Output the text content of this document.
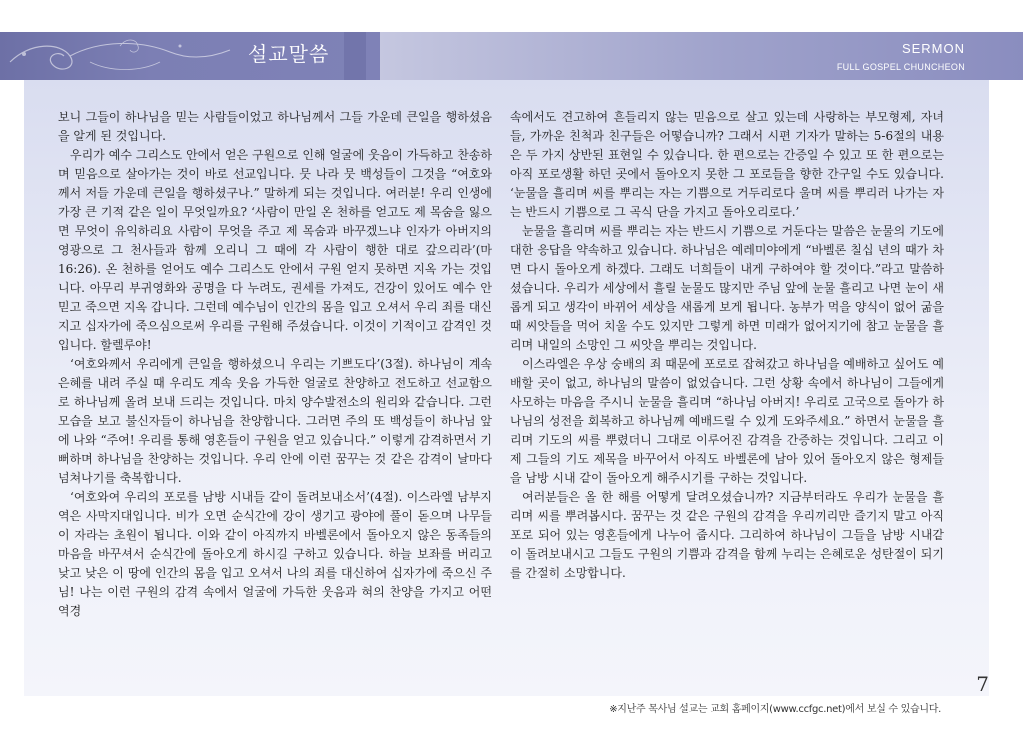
SERMON
FULL GOSPEL CHUNCHEON
설교말씀

보니 그들이 하나님을 믿는 사람들이었고 하나님께서 그들 가운데 큰일을 행하셨음을 알게 된 것입니다.

우리가 예수 그리스도 안에서 얻은 구원으로 인해 얼굴에 웃음이 가득하고 찬송하며 믿음으로 살아가는 것이 바로 선교입니다. 뭇 나라 뭇 백성들이 그것을 “여호와께서 저들 가운데 큰일을 행하셨구나.” 말하게 되는 것입니다. 여러분! 우리 인생에 가장 큰 기적 같은 일이 무엇일까요? ‘사람이 만일 온 천하를 얻고도 제 목숨을 잃으면 무엇이 유익하리요 사람이 무엇을 주고 제 목숨과 바꾸겠느냐 인자가 아버지의 영광으로 그 천사들과 함께 오리니 그 때에 각 사람이 행한 대로 갚으리라’(마 16:26). 온 천하를 얻어도 예수 그리스도 안에서 구원 얻지 못하면 지옥 가는 것입니다. 아무리 부귀영화와 공명을 다 누려도, 권세를 가져도, 건강이 있어도 예수 안 믿고 죽으면 지옥 갑니다. 그런데 예수님이 인간의 몸을 입고 오셔서 우리 죄를 대신 지고 십자가에 죽으심으로써 우리를 구원해 주셨습니다. 이것이 기적이고 감격인 것입니다. 할렐루야!

‘여호와께서 우리에게 큰일을 행하셨으니 우리는 기쁘도다’(3절). 하나님이 계속 은혜를 내려 주실 때 우리도 계속 웃음 가득한 얼굴로 찬양하고 전도하고 선교함으로 하나님께 올려 보내 드리는 것입니다. 마치 양수발전소의 원리와 같습니다. 그런 모습을 보고 불신자들이 하나님을 찬양합니다. 그러면 주의 또 백성들이 하나님 앞에 나와 “주여! 우리를 통해 영혼들이 구원을 얻고 있습니다.” 이렇게 감격하면서 기뻐하며 하나님을 찬양하는 것입니다. 우리 안에 이런 꿈꾸는 것 같은 감격이 날마다 넘쳐나기를 축복합니다.

‘여호와여 우리의 포로를 남방 시내들 같이 돌려보내소서’(4절). 이스라엘 남부지역은 사막지대입니다. 비가 오면 순식간에 강이 생기고 광야에 풀이 돋으며 나무들이 자라는 초원이 됩니다. 이와 같이 아직까지 바벨론에서 돌아오지 않은 동족들의 마음을 바꾸셔서 순식간에 돌아오게 하시길 구하고 있습니다. 하늘 보좌를 버리고 낮고 낮은 이 땅에 인간의 몸을 입고 오셔서 나의 죄를 대신하여 십자가에 죽으신 주님! 나는 이런 구원의 감격 속에서 얼굴에 가득한 웃음과 혀의 찬양을 가지고 어떤 역경

속에서도 견고하여 흔들리지 않는 믿음으로 살고 있는데 사랑하는 부모형제, 자녀들, 가까운 친척과 친구들은 어떻습니까? 그래서 시편 기자가 말하는 5-6절의 내용은 두 가지 상반된 표현일 수 있습니다. 한 편으로는 간증일 수 있고 또 한 편으로는 아직 포로생활 하던 곳에서 돌아오지 못한 그 포로들을 향한 간구일 수도 있습니다. ‘눈물을 흘리며 씨를 뿌리는 자는 기쁨으로 거두리로다 울며 씨를 뿌리러 나가는 자는 반드시 기쁨으로 그 곡식 단을 가지고 돌아오리로다.’

눈물을 흘리며 씨를 뿌리는 자는 반드시 기쁨으로 거둔다는 말씀은 눈물의 기도에 대한 응답을 약속하고 있습니다. 하나님은 예레미야에게 “바벨론 칠십 년의 때가 차면 다시 돌아오게 하겠다. 그래도 너희들이 내게 구하여야 할 것이다.”라고 말씀하셨습니다. 우리가 세상에서 흘릴 눈물도 많지만 주님 앞에 눈물 흘리고 나면 눈이 새롭게 되고 생각이 바뀌어 세상을 새롭게 보게 됩니다. 농부가 먹을 양식이 없어 굶을 때 씨앗들을 먹어 치울 수도 있지만 그렇게 하면 미래가 없어지기에 참고 눈물을 흘리며 내일의 소망인 그 씨앗을 뿌리는 것입니다.

이스라엘은 우상 숭배의 죄 때문에 포로로 잡혀갔고 하나님을 예배하고 싶어도 예배할 곳이 없고, 하나님의 말씀이 없었습니다. 그런 상황 속에서 하나님이 그들에게 사모하는 마음을 주시니 눈물을 흘리며 “하나님 아버지! 우리로 고국으로 돌아가 하나님의 성전을 회복하고 하나님께 예배드릴 수 있게 도와주세요.” 하면서 눈물을 흘리며 기도의 씨를 뿌렸더니 그대로 이루어진 감격을 간증하는 것입니다. 그리고 이제 그들의 기도 제목을 바꾸어서 아직도 바벨론에 남아 있어 돌아오지 않은 형제들을 남방 시내 같이 돌아오게 해주시기를 구하는 것입니다.

여러분들은 올 한 해를 어떻게 달려오셨습니까? 지금부터라도 우리가 눈물을 흘리며 씨를 뿌려봅시다. 꿈꾸는 것 같은 구원의 감격을 우리끼리만 즐기지 말고 아직 포로 되어 있는 영혼들에게 나누어 줍시다. 그리하여 하나님이 그들을 남방 시내같이 돌려보내시고 그들도 구원의 기쁨과 감격을 함께 누리는 은혜로운 성탄절이 되기를 간절히 소망합니다.

7
※지난주 목사님 설교는 교회 홈페이지(www.ccfgc.net)에서 보실 수 있습니다.
